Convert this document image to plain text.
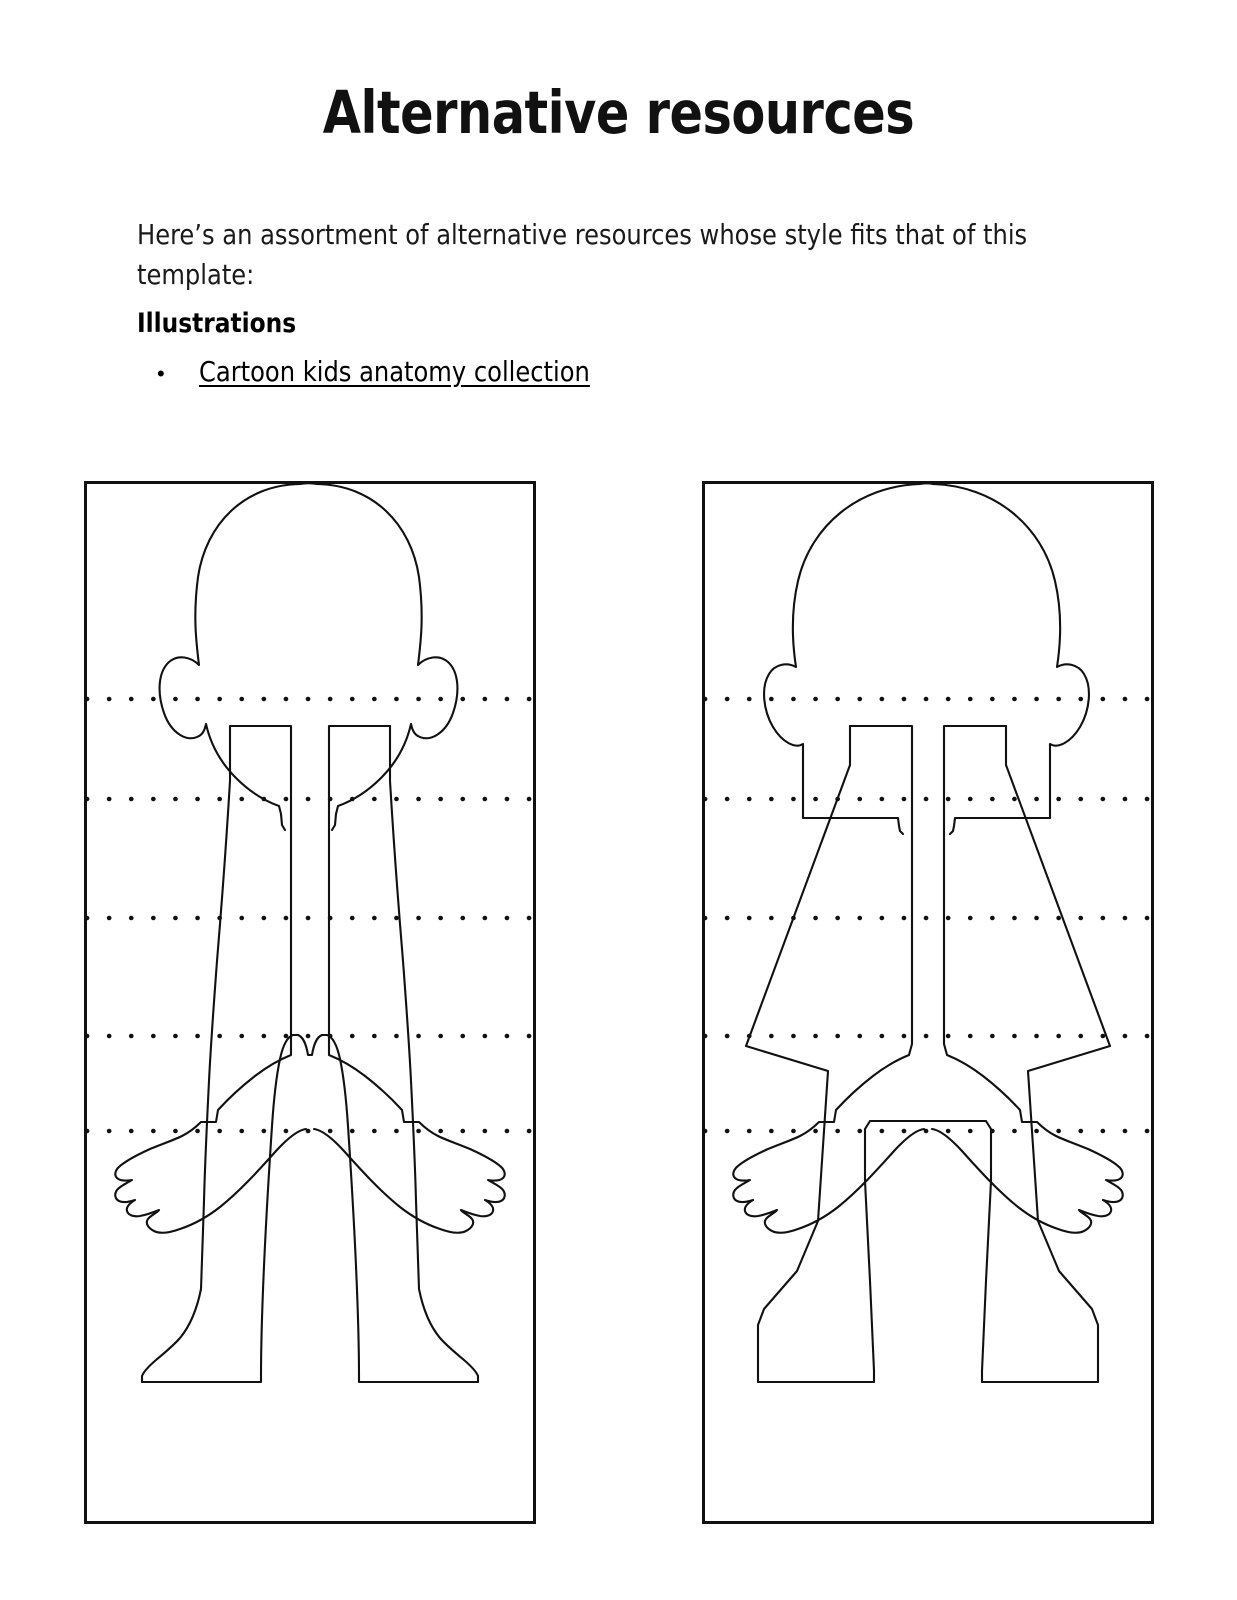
Alternative resources
Here’s an assortment of alternative resources whose style fits that of this template:
Illustrations
•	Cartoon kids anatomy collection
